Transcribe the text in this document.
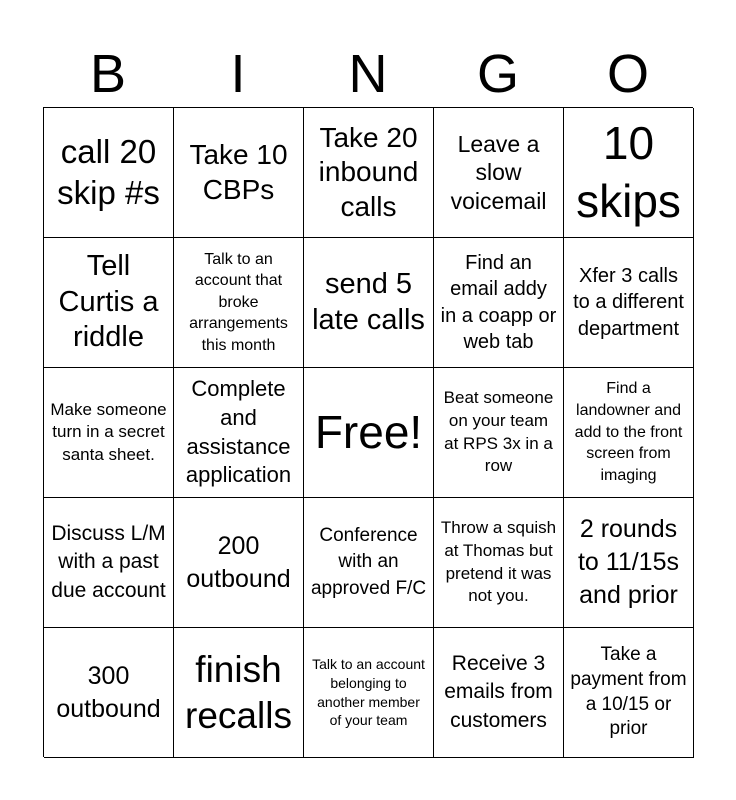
B	I	N	G	O
call 20 skip #s
Take 10 CBPs
Take 20 inbound calls
Leave a slow voicemail
10 skips
Tell Curtis a riddle
Talk to an account that broke arrangements this month
send 5 late calls
Find an email addy in a coapp or web tab
Xfer 3 calls to a different department
Make someone turn in a secret santa sheet.
Complete and assistance application
Free!
Beat someone on your team at RPS 3x in a row
Find a landowner and add to the front screen from imaging
Discuss L/M with a past due account
200 outbound
Conference with an approved F/C
Throw a squish at Thomas but pretend it was not you.
2 rounds to 11/15s and prior
300 outbound
finish recalls
Talk to an account belonging to another member of your team
Receive 3 emails from customers
Take a payment from a 10/15 or prior
